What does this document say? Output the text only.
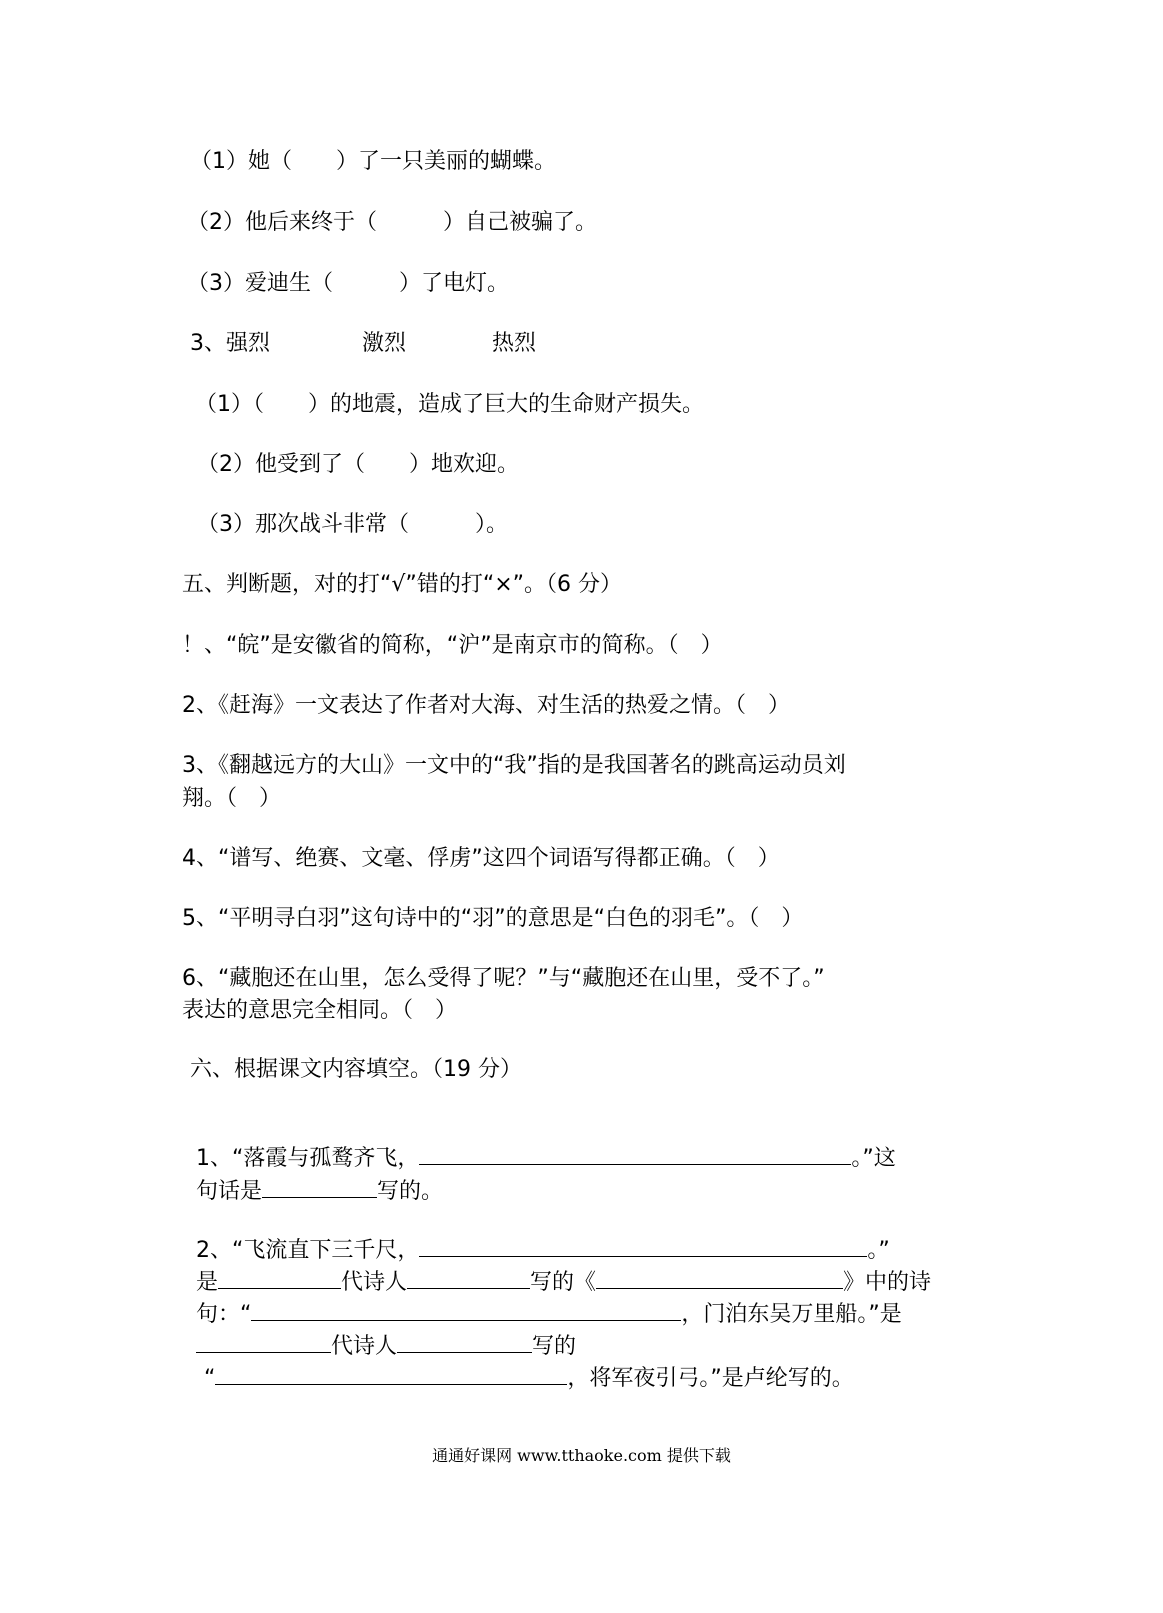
（1）她（　　）了一只美丽的蝴蝶。
（2）他后来终于（　　　）自己被骗了。
（3）爱迪生（　　　）了电灯。
3、强烈	激烈	热烈
（1）（　　）的地震，造成了巨大的生命财产损失。
（2）他受到了（　　）地欢迎。
（3）那次战斗非常（　　　）。
五、判断题，对的打“√”错的打“×”。（6 分）
！、“皖”是安徽省的简称，“沪”是南京市的简称。（　）
2、《赶海》一文表达了作者对大海、对生活的热爱之情。（　）
3、《翻越远方的大山》一文中的“我”指的是我国著名的跳高运动员刘
翔。（　）
4、“谱写、绝赛、文毫、俘虏”这四个词语写得都正确。（　）
5、“平明寻白羽”这句诗中的“羽”的意思是“白色的羽毛”。（　）
6、“藏胞还在山里，怎么受得了呢？”与“藏胞还在山里，受不了。”
表达的意思完全相同。（　）
六、根据课文内容填空。（19 分）

1、“落霞与孤鹜齐飞，	。”这

句话是	写的。

2、“飞流直下三千尺，	。”

是	代诗人	写的《	》中的诗

句：“	，门泊东吴万里船。”是

代诗人	写的

“	，将军夜引弓。”是卢纶写的。

通通好课网 www.tthaoke.com 提供下载
